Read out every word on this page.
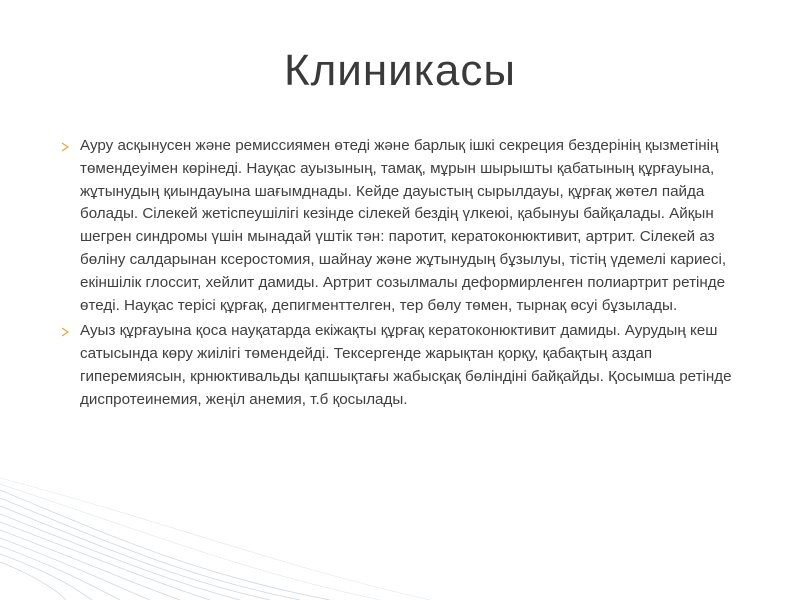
Клиникасы
Ауру асқынусен және ремиссиямен өтеді және барлық ішкі секреция бездерінің қызметінің төмендеуімен көрінеді. Науқас ауызының, тамақ, мұрын шырышты қабатының құрғауына, жұтынудың қиындауына шағымднады. Кейде дауыстың сырылдауы, құрғақ жөтел пайда болады. Сілекей жетіспеушілігі кезінде сілекей бездің үлкеюі, қабынуы байқалады. Айқын шегрен синдромы үшін мынадай үштік тән: паротит, кератоконюктивит, артрит. Сілекей аз бөліну салдарынан ксеростомия, шайнау және жұтынудың бұзылуы, тістің үдемелі кариесі, екіншілік глоссит, хейлит дамиды. Артрит созылмалы деформирленген полиартрит ретінде өтеді. Науқас терісі құрғақ, депигменттелген, тер бөлу төмен, тырнақ өсуі бұзылады.
Ауыз құрғауына қоса науқатарда екіжақты құрғақ кератоконюктивит дамиды. Аурудың кеш сатысында көру жиілігі төмендейді. Тексергенде жарықтан қорқу, қабақтың аздап гиперемиясын, крнюктивальды қапшықтағы жабысқақ бөліндіні байқайды. Қосымша ретінде диспротеинемия, жеңіл анемия, т.б қосылады.
